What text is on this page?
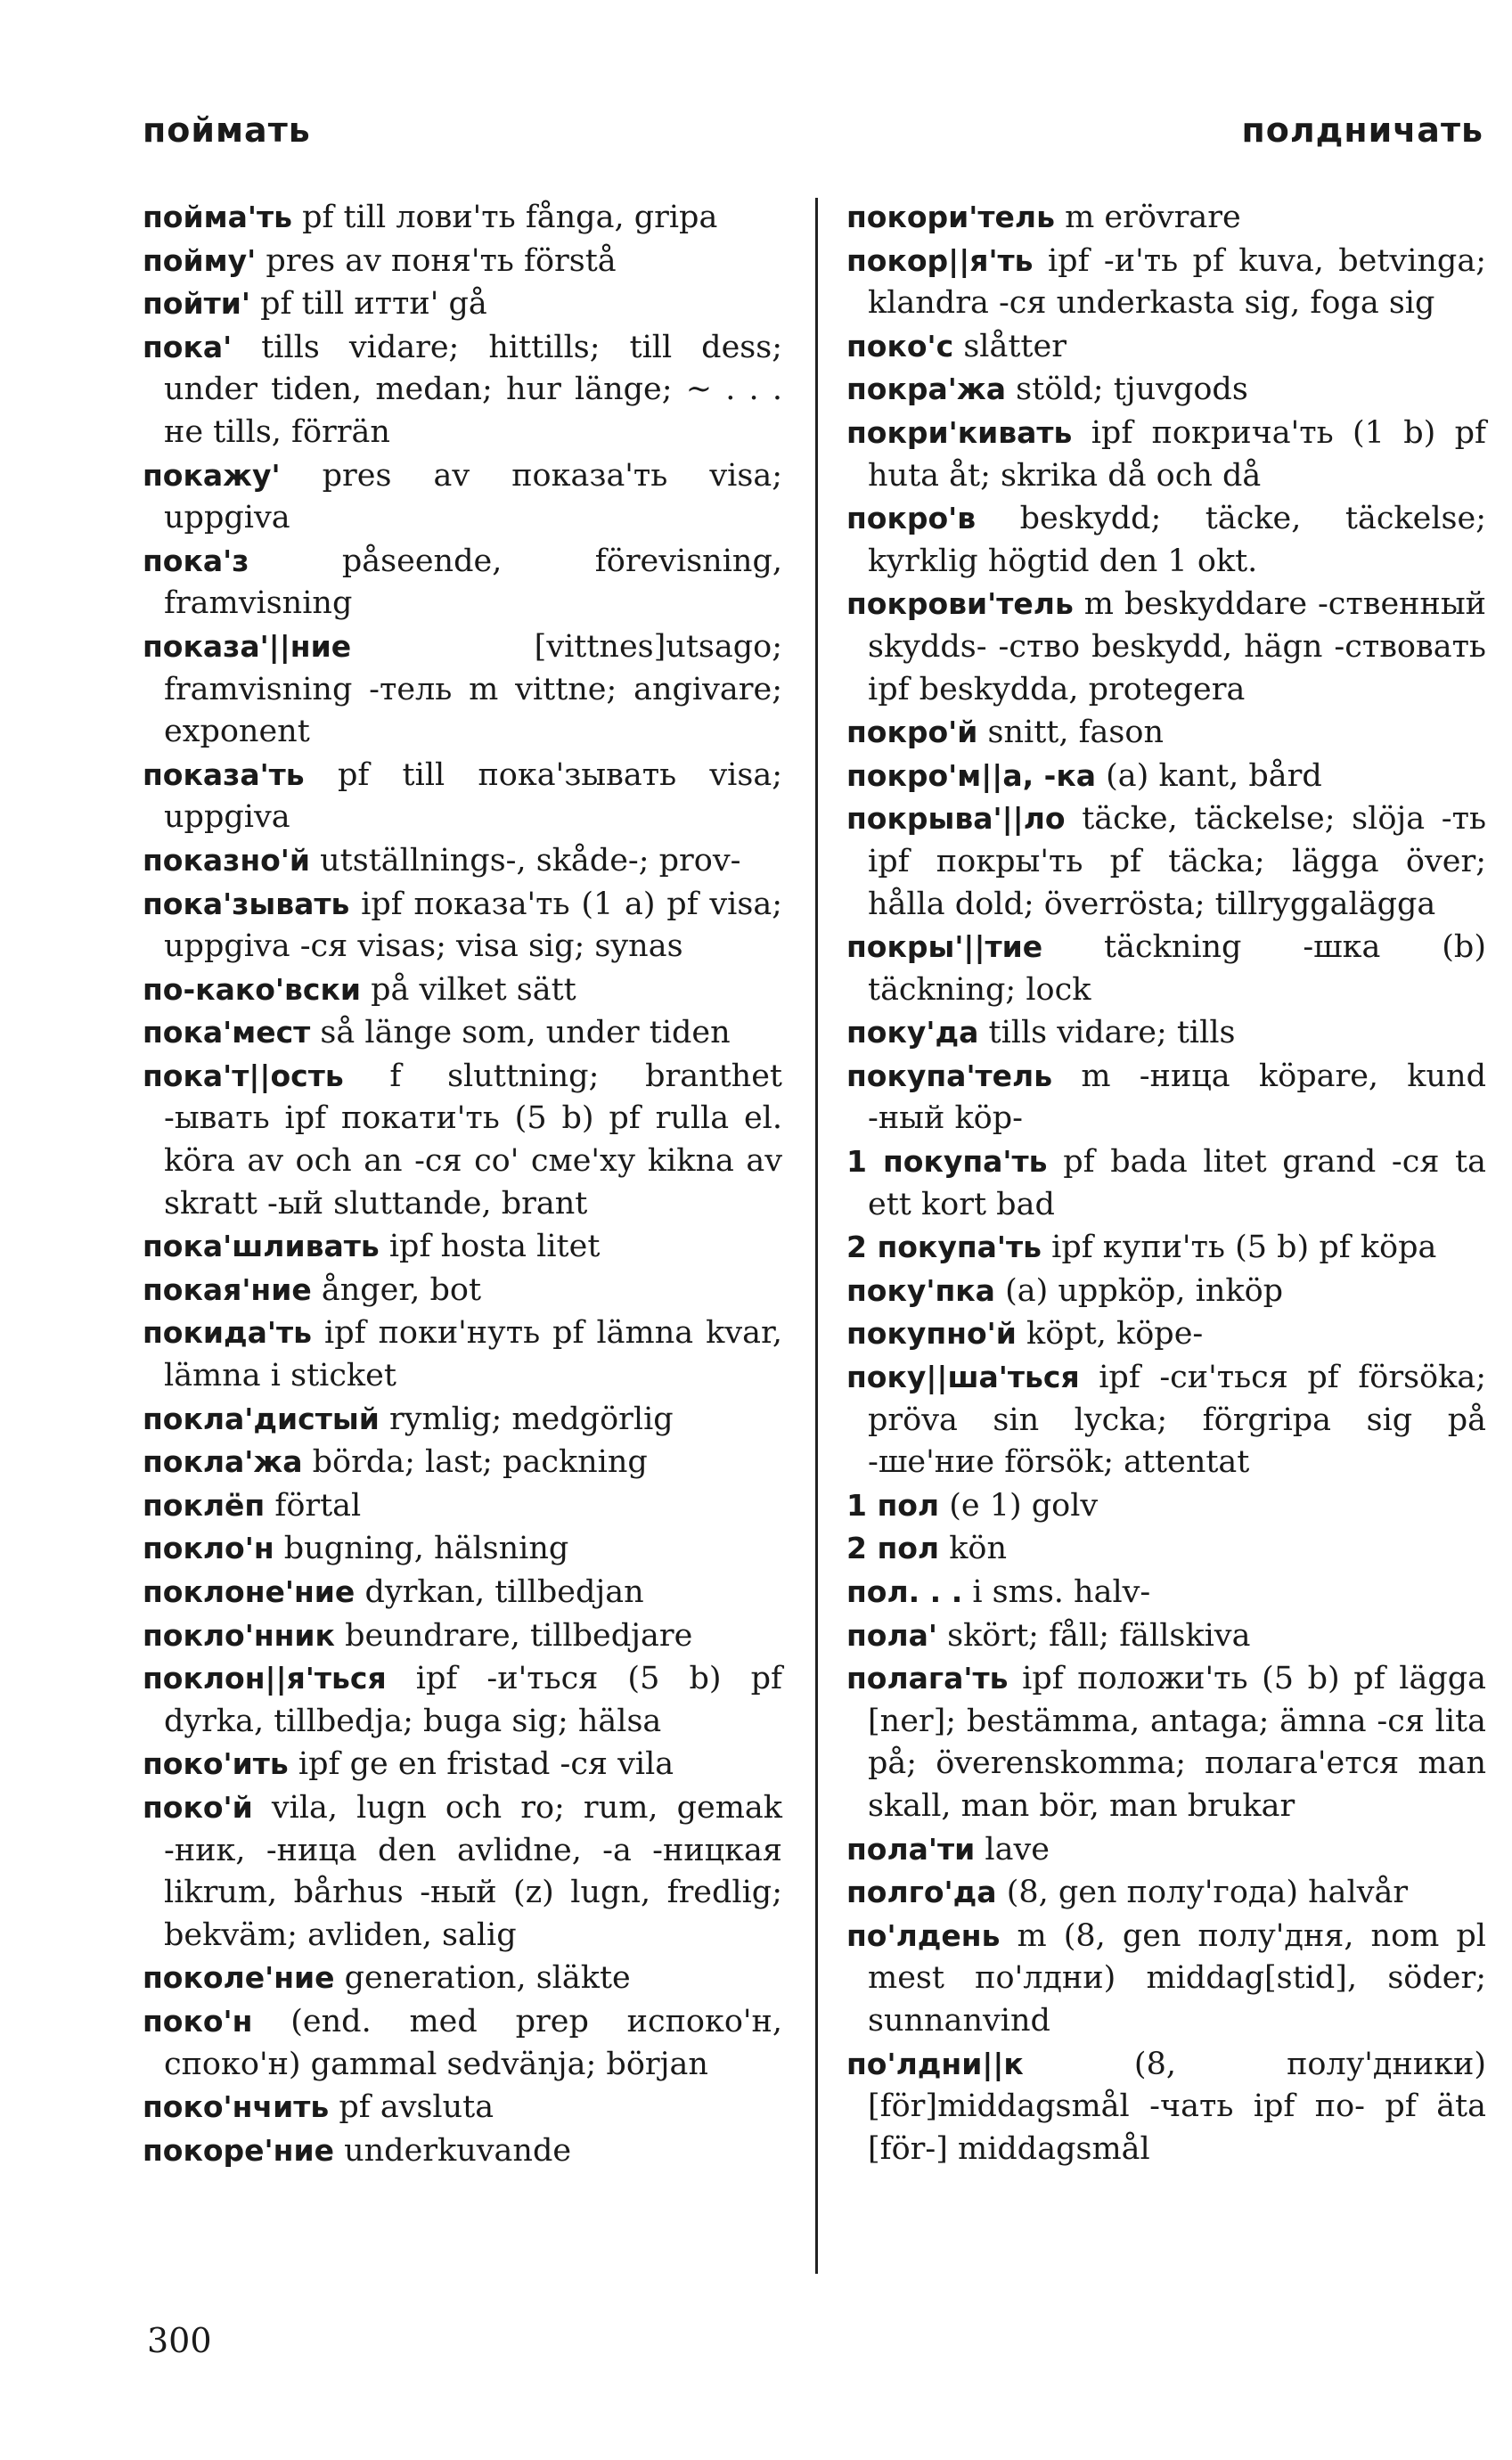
поймать	полдничать

пойма'ть pf till лови'ть fånga, gripa

пойму' pres av поня'ть förstå

пойти' pf till итти' gå

пока' tills vidare; hittills; till dess; under tiden, medan; hur länge; ~ . . . не tills, förrän

покажу' pres av показа'ть visa; uppgiva

пока'з påseende, förevisning, framvisning

показа'||ние [vittnes]utsago; framvisning -тель m vittne; angivare; exponent

показа'ть pf till пока'зывать visa; uppgiva

показно'й utställnings-, skåde-; prov-

пока'зывать ipf показа'ть (1 a) pf visa; uppgiva -ся visas; visa sig; synas

по-како'вски på vilket sätt

пока'мест så länge som, under tiden

пока'т||ость f sluttning; branthet -ывать ipf покати'ть (5 b) pf rulla el. köra av och an -ся со' сме'ху kikna av skratt -ый sluttande, brant

пока'шливать ipf hosta litet

покая'ние ånger, bot

покида'ть ipf поки'нуть pf lämna kvar, lämna i sticket

покла'дистый rymlig; medgörlig

покла'жа börda; last; packning

поклёп förtal

покло'н bugning, hälsning

поклоне'ние dyrkan, tillbedjan

покло'нник beundrare, tillbedjare

поклон||я'ться ipf -и'ться (5 b) pf dyrka, tillbedja; buga sig; hälsa

поко'ить ipf ge en fristad -ся vila

поко'й vila, lugn och ro; rum, gemak -ник, -ница den avlidne, -a -ницкая likrum, bårhus -ный (z) lugn, fredlig; bekväm; avliden, salig

поколе'ние generation, släkte

поко'н (end. med prep испоко'н, споко'н) gammal sedvänja; början

поко'нчить pf avsluta

покоре'ние underkuvande

покори'тель m erövrare

покор||я'ть ipf -и'ть pf kuva, betvinga; klandra -ся underkasta sig, foga sig

поко'с slåtter

покра'жа stöld; tjuvgods

покри'кивать ipf покрича'ть (1 b) pf huta åt; skrika då och då

покро'в beskydd; täcke, täckelse; kyrklig högtid den 1 okt.

покрови'тель m beskyddare -ственный skydds- -ство beskydd, hägn -ствовать ipf beskydda, protegera

покро'й snitt, fason

покро'м||а, -ка (a) kant, bård

покрыва'||ло täcke, täckelse; slöja -ть ipf покры'ть pf täcka; lägga över; hålla dold; överrösta; tillryggalägga

покры'||тие täckning -шка (b) täckning; lock

поку'да tills vidare; tills

покупа'тель m -ница köpare, kund -ный köp-

1 покупа'ть pf bada litet grand -ся ta ett kort bad

2 покупа'ть ipf купи'ть (5 b) pf köpa

поку'пка (a) uppköp, inköp

покупно'й köpt, köpe-

поку||ша'ться ipf -си'ться pf försöka; pröva sin lycka; förgripa sig på -ше'ние försök; attentat

1 пол (e 1) golv

2 пол kön

пол. . . i sms. halv-

пола' skört; fåll; fällskiva

полага'ть ipf положи'ть (5 b) pf lägga [ner]; bestämma, antaga; ämna -ся lita på; överenskomma; полага'ется man skall, man bör, man brukar

пола'ти lave

полго'да (8, gen полу'года) halvår

по'лдень m (8, gen полу'дня, nom pl mest по'лдни) middag[stid], söder; sunnanvind

по'лдни||к (8, полу'дники) [för]middagsmål -чать ipf по- pf äta [för-] middagsmål

300
